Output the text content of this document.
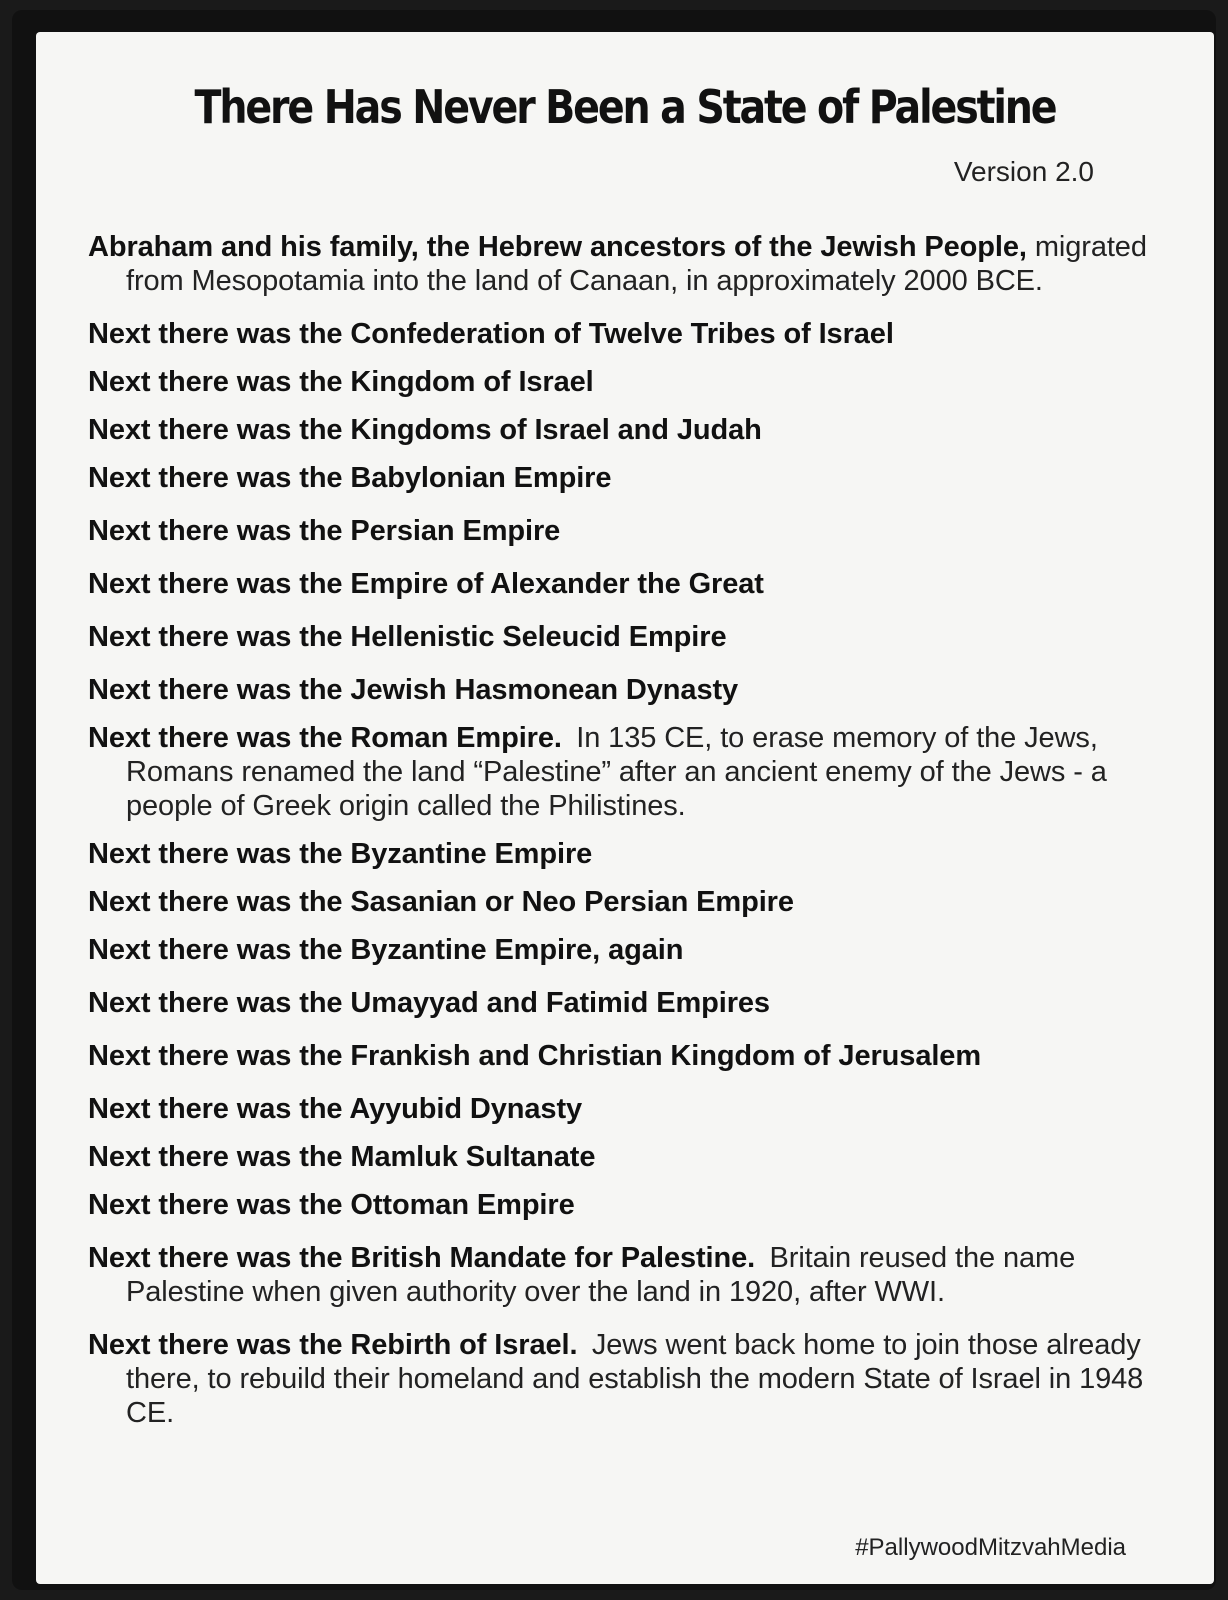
There Has Never Been a State of Palestine
Version 2.0
Abraham and his family, the Hebrew ancestors of the Jewish People, migrated from Mesopotamia into the land of Canaan, in approximately 2000 BCE.
Next there was the Confederation of Twelve Tribes of Israel
Next there was the Kingdom of Israel
Next there was the Kingdoms of Israel and Judah
Next there was the Babylonian Empire
Next there was the Persian Empire
Next there was the Empire of Alexander the Great
Next there was the Hellenistic Seleucid Empire
Next there was the Jewish Hasmonean Dynasty
Next there was the Roman Empire.  In 135 CE, to erase memory of the Jews, Romans renamed the land “Palestine” after an ancient enemy of the Jews - a people of Greek origin called the Philistines.
Next there was the Byzantine Empire
Next there was the Sasanian or Neo Persian Empire
Next there was the Byzantine Empire, again
Next there was the Umayyad and Fatimid Empires
Next there was the Frankish and Christian Kingdom of Jerusalem
Next there was the Ayyubid Dynasty
Next there was the Mamluk Sultanate
Next there was the Ottoman Empire
Next there was the British Mandate for Palestine.  Britain reused the name Palestine when given authority over the land in 1920, after WWI.
Next there was the Rebirth of Israel.  Jews went back home to join those already there, to rebuild their homeland and establish the modern State of Israel in 1948 CE.
#PallywoodMitzvahMedia
